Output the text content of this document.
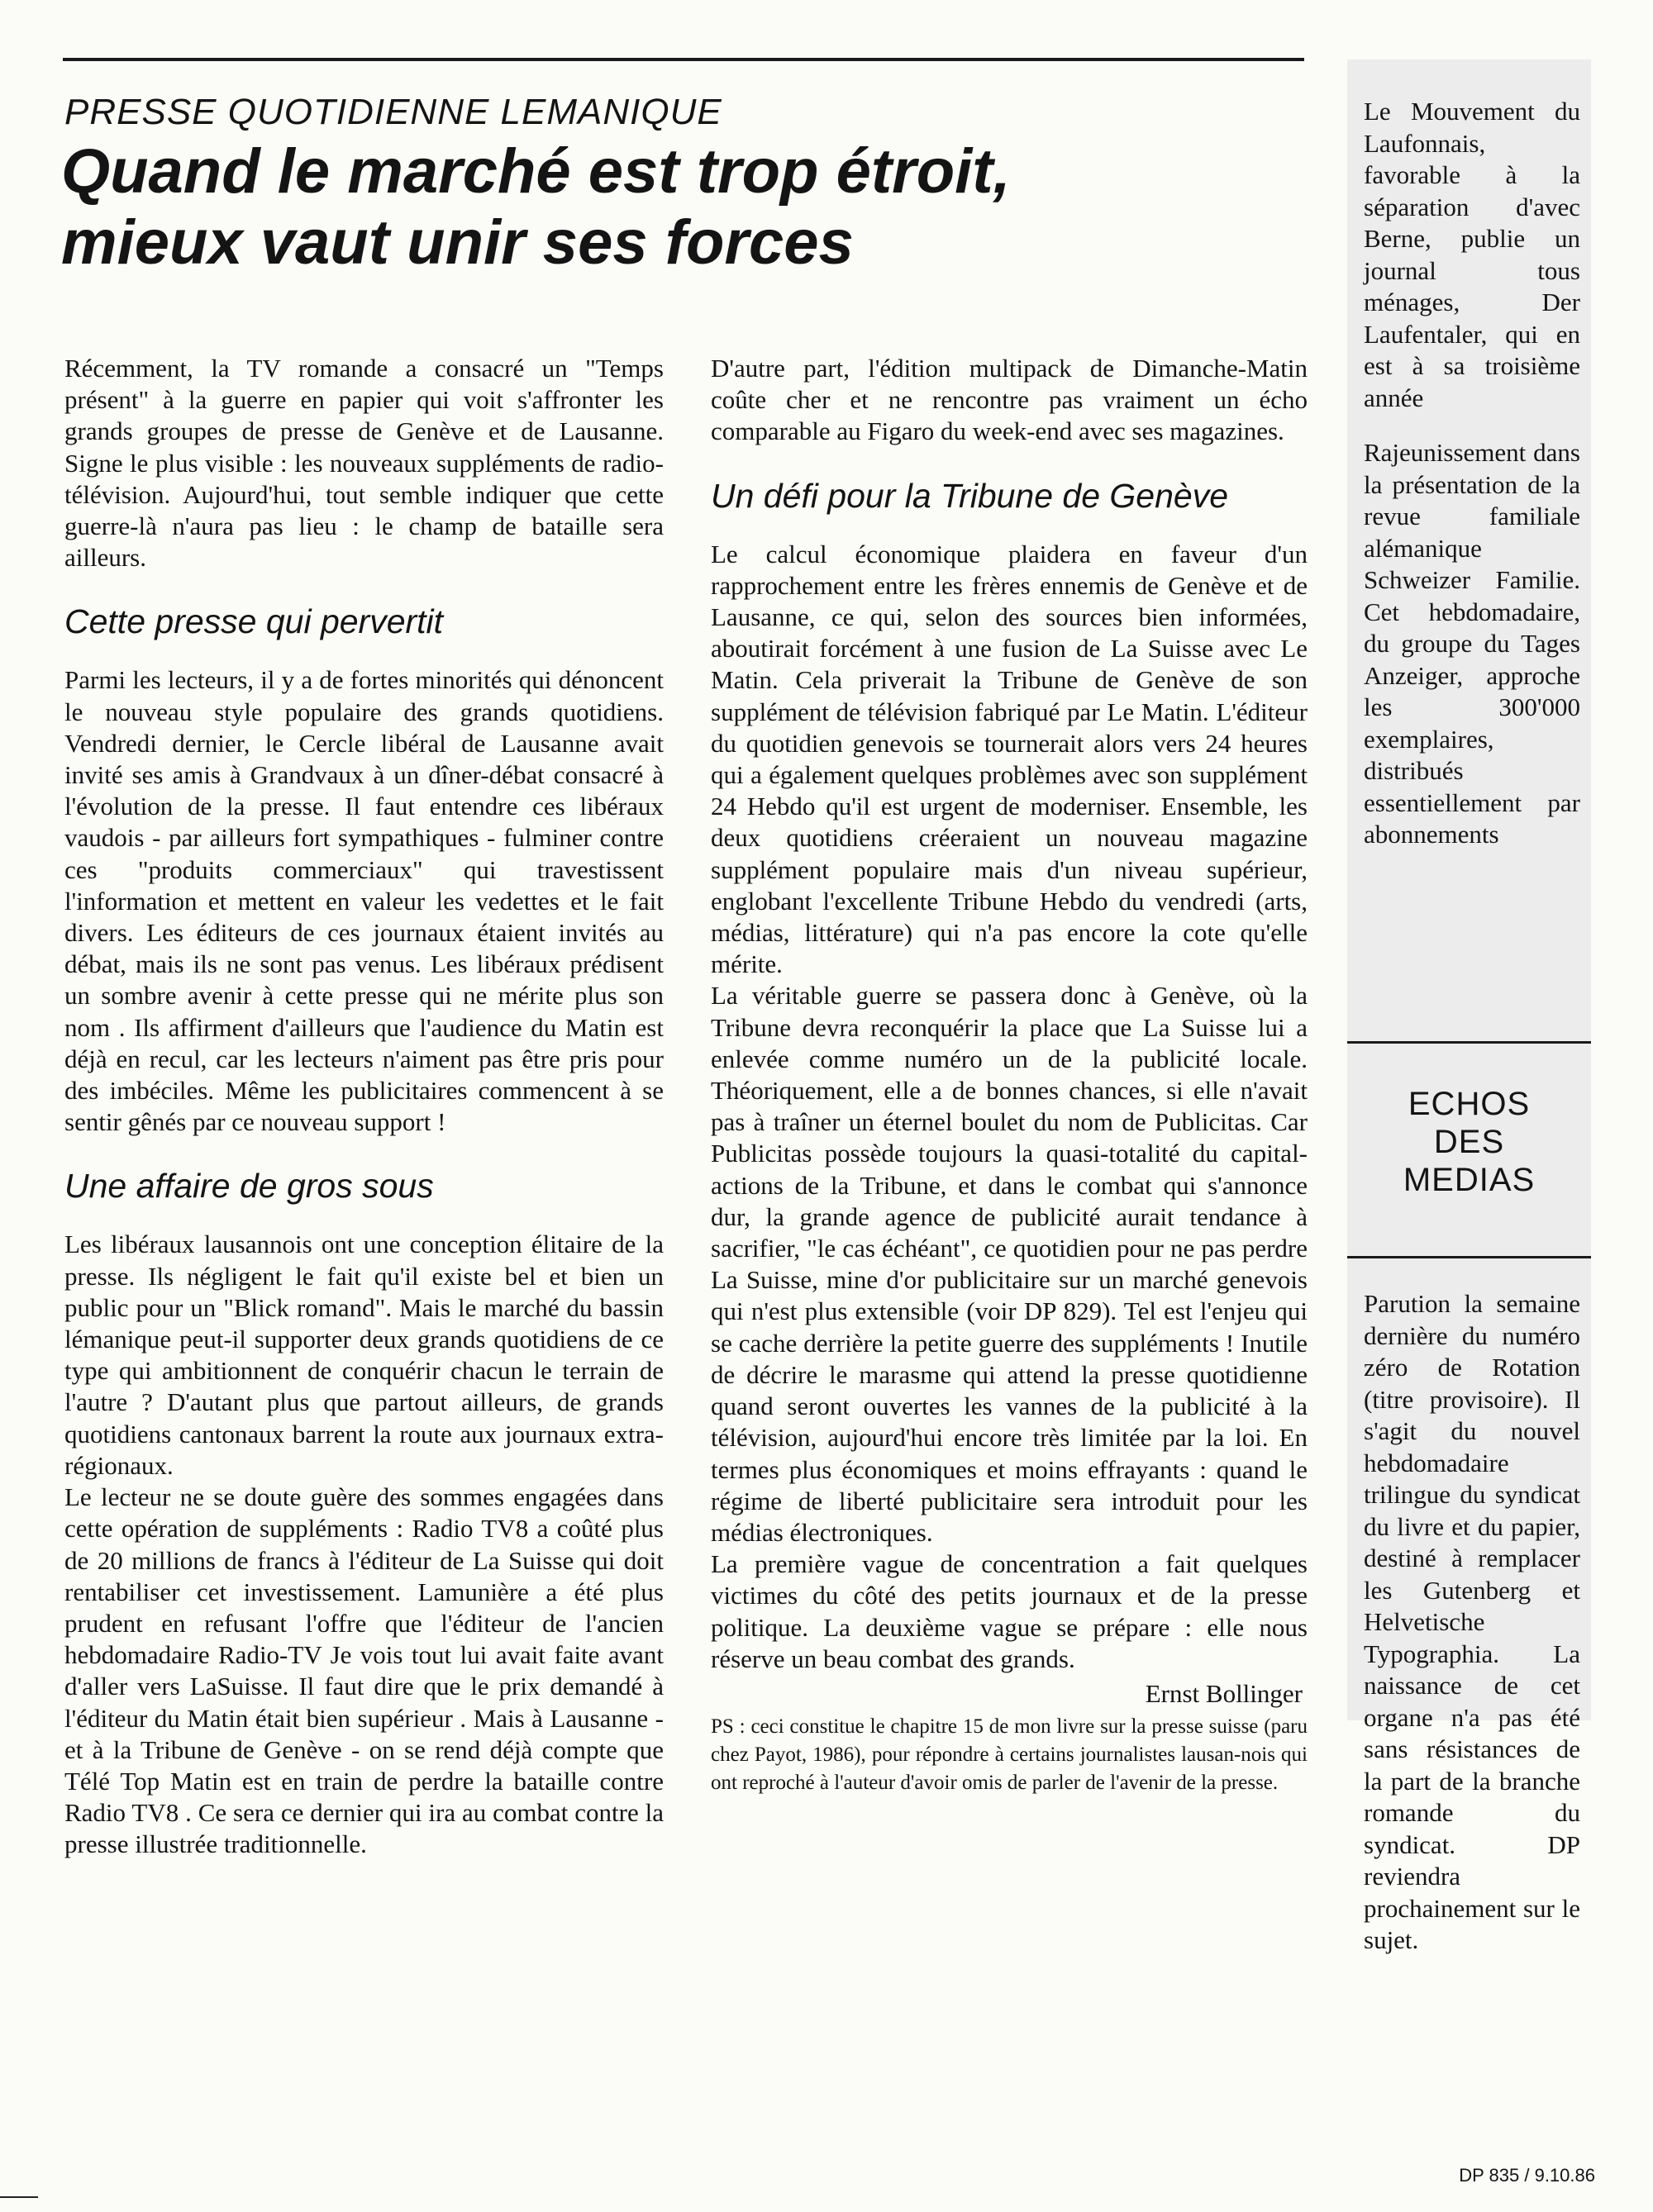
PRESSE QUOTIDIENNE LEMANIQUE
Quand le marché est trop étroit,
mieux vaut unir ses forces

Récemment, la TV romande a consacré un "Temps présent" à la guerre en papier qui voit s'affronter les grands groupes de presse de Genève et de Lausanne. Signe le plus visible : les nouveaux suppléments de radio-télévision. Aujourd'hui, tout semble indiquer que cette guerre-là n'aura pas lieu : le champ de bataille sera ailleurs.

Cette presse qui pervertit

Parmi les lecteurs, il y a de fortes minorités qui dénoncent le nouveau style populaire des grands quotidiens. Vendredi dernier, le Cercle libéral de Lausanne avait invité ses amis à Grandvaux à un dîner-débat consacré à l'évolution de la presse. Il faut entendre ces libéraux vaudois - par ailleurs fort sympathiques - fulminer contre ces "produits commerciaux" qui travestissent l'information et mettent en valeur les vedettes et le fait divers. Les éditeurs de ces journaux étaient invités au débat, mais ils ne sont pas venus. Les libéraux prédisent un sombre avenir à cette presse qui ne mérite plus son nom . Ils affirment d'ailleurs que l'audience du Matin est déjà en recul, car les lecteurs n'aiment pas être pris pour des imbéciles. Même les publicitaires commencent à se sentir gênés par ce nouveau support !

Une affaire de gros sous

Les libéraux lausannois ont une conception élitaire de la presse. Ils négligent le fait qu'il existe bel et bien un public pour un "Blick romand". Mais le marché du bassin lémanique peut-il supporter deux grands quotidiens de ce type qui ambitionnent de conquérir chacun le terrain de l'autre ? D'autant plus que partout ailleurs, de grands quotidiens cantonaux barrent la route aux journaux extra-régionaux.

Le lecteur ne se doute guère des sommes engagées dans cette opération de suppléments : Radio TV8 a coûté plus de 20 millions de francs à l'éditeur de La Suisse qui doit rentabiliser cet investissement. Lamunière a été plus prudent en refusant l'offre que l'éditeur de l'ancien hebdomadaire Radio-TV Je vois tout lui avait faite avant d'aller vers LaSuisse. Il faut dire que le prix demandé à l'éditeur du Matin était bien supérieur . Mais à Lausanne - et à la Tribune de Genève - on se rend déjà compte que Télé Top Matin est en train de perdre la bataille contre Radio TV8 . Ce sera ce dernier qui ira au combat contre la presse illustrée traditionnelle.

D'autre part, l'édition multipack de Dimanche-Matin coûte cher et ne rencontre pas vraiment un écho comparable au Figaro du week-end avec ses magazines.

Un défi pour la Tribune de Genève

Le calcul économique plaidera en faveur d'un rapprochement entre les frères ennemis de Genève et de Lausanne, ce qui, selon des sources bien informées, aboutirait forcément à une fusion de La Suisse avec Le Matin. Cela priverait la Tribune de Genève de son supplément de télévision fabriqué par Le Matin. L'éditeur du quotidien genevois se tournerait alors vers 24 heures qui a également quelques problèmes avec son supplément 24 Hebdo qu'il est urgent de moderniser. Ensemble, les deux quotidiens créeraient un nouveau magazine supplément populaire mais d'un niveau supérieur, englobant l'excellente Tribune Hebdo du vendredi (arts, médias, littérature) qui n'a pas encore la cote qu'elle mérite.

La véritable guerre se passera donc à Genève, où la Tribune devra reconquérir la place que La Suisse lui a enlevée comme numéro un de la publicité locale. Théoriquement, elle a de bonnes chances, si elle n'avait pas à traîner un éternel boulet du nom de Publicitas. Car Publicitas possède toujours la quasi-totalité du capital-actions de la Tribune, et dans le combat qui s'annonce dur, la grande agence de publicité aurait tendance à sacrifier, "le cas échéant", ce quotidien pour ne pas perdre La Suisse, mine d'or publicitaire sur un marché genevois qui n'est plus extensible (voir DP 829). Tel est l'enjeu qui se cache derrière la petite guerre des suppléments ! Inutile de décrire le marasme qui attend la presse quotidienne quand seront ouvertes les vannes de la publicité à la télévision, aujourd'hui encore très limitée par la loi. En termes plus économiques et moins effrayants : quand le régime de liberté publicitaire sera introduit pour les médias électroniques.

La première vague de concentration a fait quelques victimes du côté des petits journaux et de la presse politique. La deuxième vague se prépare : elle nous réserve un beau combat des grands.

Ernst Bollinger

PS : ceci constitue le chapitre 15 de mon livre sur la presse suisse (paru chez Payot, 1986), pour répondre à certains journalistes lausan-nois qui ont reproché à l'auteur d'avoir omis de parler de l'avenir de la presse.

Le Mouvement du Laufonnais, favorable à la séparation d'avec Berne, publie un journal tous ménages, Der Laufentaler, qui en est à sa troisième année

Rajeunissement dans la présentation de la revue familiale alémanique Schweizer Familie. Cet hebdomadaire, du groupe du Tages Anzeiger, approche les 300'000 exemplaires, distribués essentiellement par abonnements

ECHOS
DES
MEDIAS

Parution la semaine dernière du numéro zéro de Rotation (titre provisoire). Il s'agit du nouvel hebdomadaire trilingue du syndicat du livre et du papier, destiné à remplacer les Gutenberg et Helvetische Typographia. La naissance de cet organe n'a pas été sans résistances de la part de la branche romande du syndicat. DP reviendra prochainement sur le sujet.

DP 835 / 9.10.86
